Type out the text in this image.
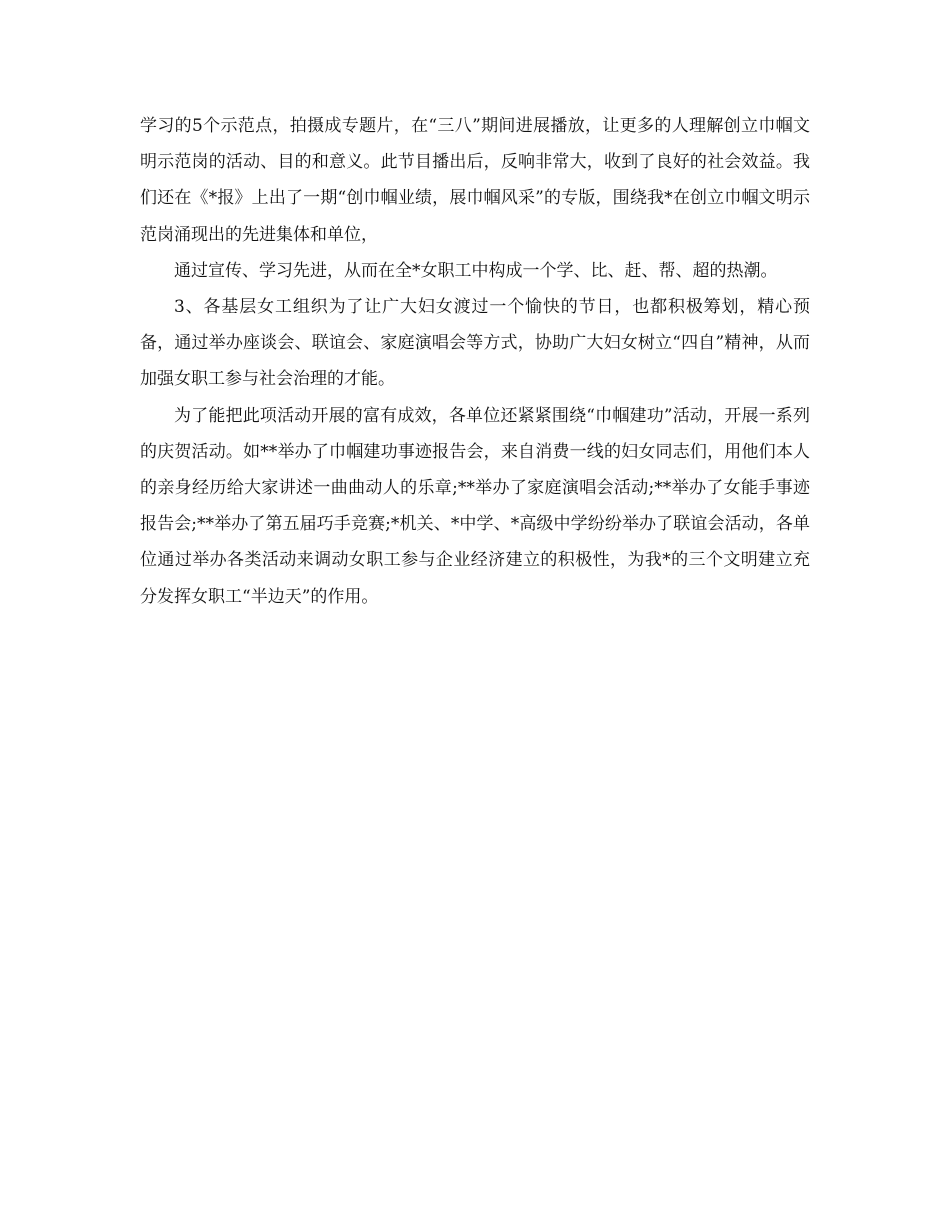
学习的5个示范点，拍摄成专题片，在“三八”期间进展播放，让更多的人理解创立巾帼文明示范岗的活动、目的和意义。此节目播出后，反响非常大，收到了良好的社会效益。我们还在《*报》上出了一期“创巾帼业绩，展巾帼风采”的专版，围绕我*在创立巾帼文明示范岗涌现出的先进集体和单位，

通过宣传、学习先进，从而在全*女职工中构成一个学、比、赶、帮、超的热潮。

3、各基层女工组织为了让广大妇女渡过一个愉快的节日，也都积极筹划，精心预备，通过举办座谈会、联谊会、家庭演唱会等方式，协助广大妇女树立“四自”精神，从而加强女职工参与社会治理的才能。

为了能把此项活动开展的富有成效，各单位还紧紧围绕“巾帼建功”活动，开展一系列的庆贺活动。如**举办了巾帼建功事迹报告会，来自消费一线的妇女同志们，用他们本人的亲身经历给大家讲述一曲曲动人的乐章;**举办了家庭演唱会活动;**举办了女能手事迹报告会;**举办了第五届巧手竞赛;*机关、*中学、*高级中学纷纷举办了联谊会活动，各单位通过举办各类活动来调动女职工参与企业经济建立的积极性，为我*的三个文明建立充分发挥女职工“半边天”的作用。
